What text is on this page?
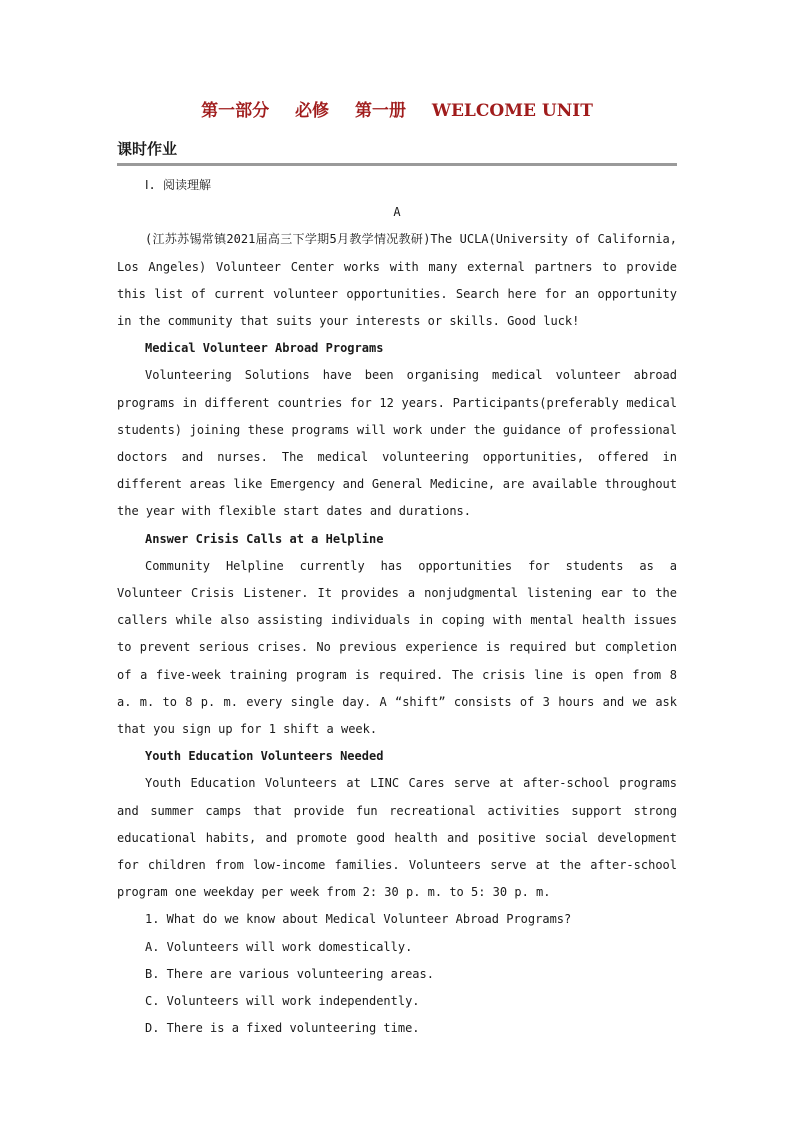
第一部分 必修 第一册 WELCOME UNIT
课时作业

Ⅰ. 阅读理解

A

(江苏苏锡常镇2021届高三下学期5月教学情况教研)The UCLA(University of California, Los Angeles) Volunteer Center works with many external partners to provide this list of current volunteer opportunities. Search here for an opportunity in the community that suits your interests or skills. Good luck!

Medical Volunteer Abroad Programs

Volunteering Solutions have been organising medical volunteer abroad programs in different countries for 12 years. Participants(preferably medical students) joining these programs will work under the guidance of professional doctors and nurses. The medical volunteering opportunities, offered in different areas like Emergency and General Medicine, are available throughout the year with flexible start dates and durations.

Answer Crisis Calls at a Helpline

Community Helpline currently has opportunities for students as a Volunteer Crisis Listener. It provides a nonjudgmental listening ear to the callers while also assisting individuals in coping with mental health issues to prevent serious crises. No previous experience is required but completion of a five-week training program is required. The crisis line is open from 8 a. m. to 8 p. m. every single day. A “shift” consists of 3 hours and we ask that you sign up for 1 shift a week.

Youth Education Volunteers Needed

Youth Education Volunteers at LINC Cares serve at after-school programs and summer camps that provide fun recreational activities support strong educational habits, and promote good health and positive social development for children from low-income families. Volunteers serve at the after-school program one weekday per week from 2: 30 p. m. to 5: 30 p. m.

1. What do we know about Medical Volunteer Abroad Programs?

A. Volunteers will work domestically.

B. There are various volunteering areas.

C. Volunteers will work independently.

D. There is a fixed volunteering time.
